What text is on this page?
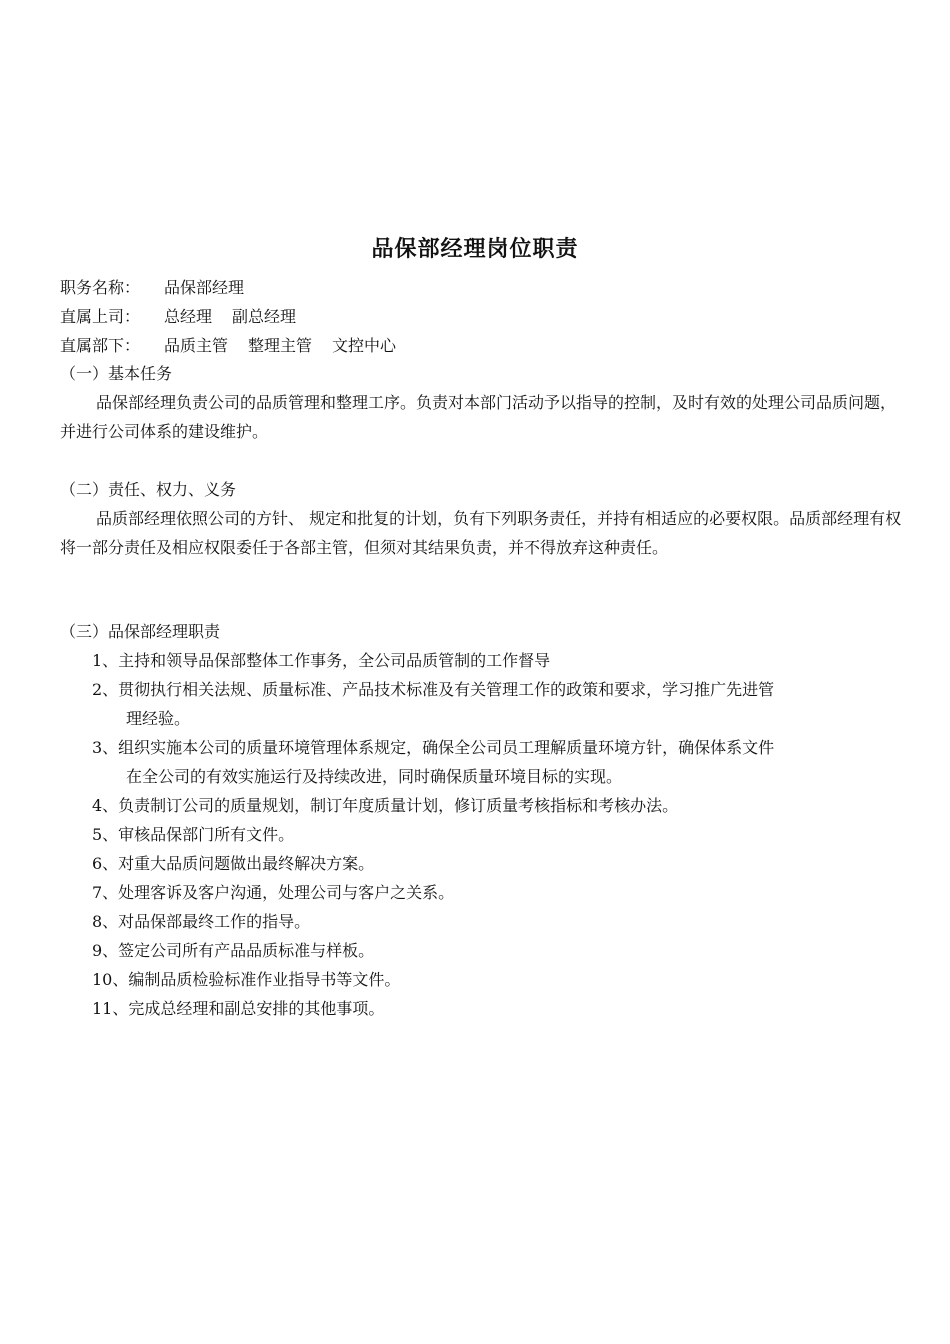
品保部经理岗位职责
职务名称： 品保部经理
直属上司： 总经理 副总经理
直属部下： 品质主管 整理主管 文控中心
（一）基本任务
品保部经理负责公司的品质管理和整理工序。负责对本部门活动予以指导的控制，及时有效的处理公司品质问题，并进行公司体系的建设维护。
（二）责任、权力、义务
品质部经理依照公司的方针、 规定和批复的计划，负有下列职务责任，并持有相适应的必要权限。品质部经理有权将一部分责任及相应权限委任于各部主管，但须对其结果负责，并不得放弃这种责任。
（三）品保部经理职责
1、主持和领导品保部整体工作事务，全公司品质管制的工作督导
2、贯彻执行相关法规、质量标准、产品技术标准及有关管理工作的政策和要求，学习推广先进管
理经验。
3、组织实施本公司的质量环境管理体系规定，确保全公司员工理解质量环境方针，确保体系文件
在全公司的有效实施运行及持续改进，同时确保质量环境目标的实现。
4、负责制订公司的质量规划，制订年度质量计划，修订质量考核指标和考核办法。
5、审核品保部门所有文件。
6、对重大品质问题做出最终解决方案。
7、处理客诉及客户沟通，处理公司与客户之关系。
8、对品保部最终工作的指导。
9、签定公司所有产品品质标准与样板。
10、编制品质检验标准作业指导书等文件。
11、完成总经理和副总安排的其他事项。
